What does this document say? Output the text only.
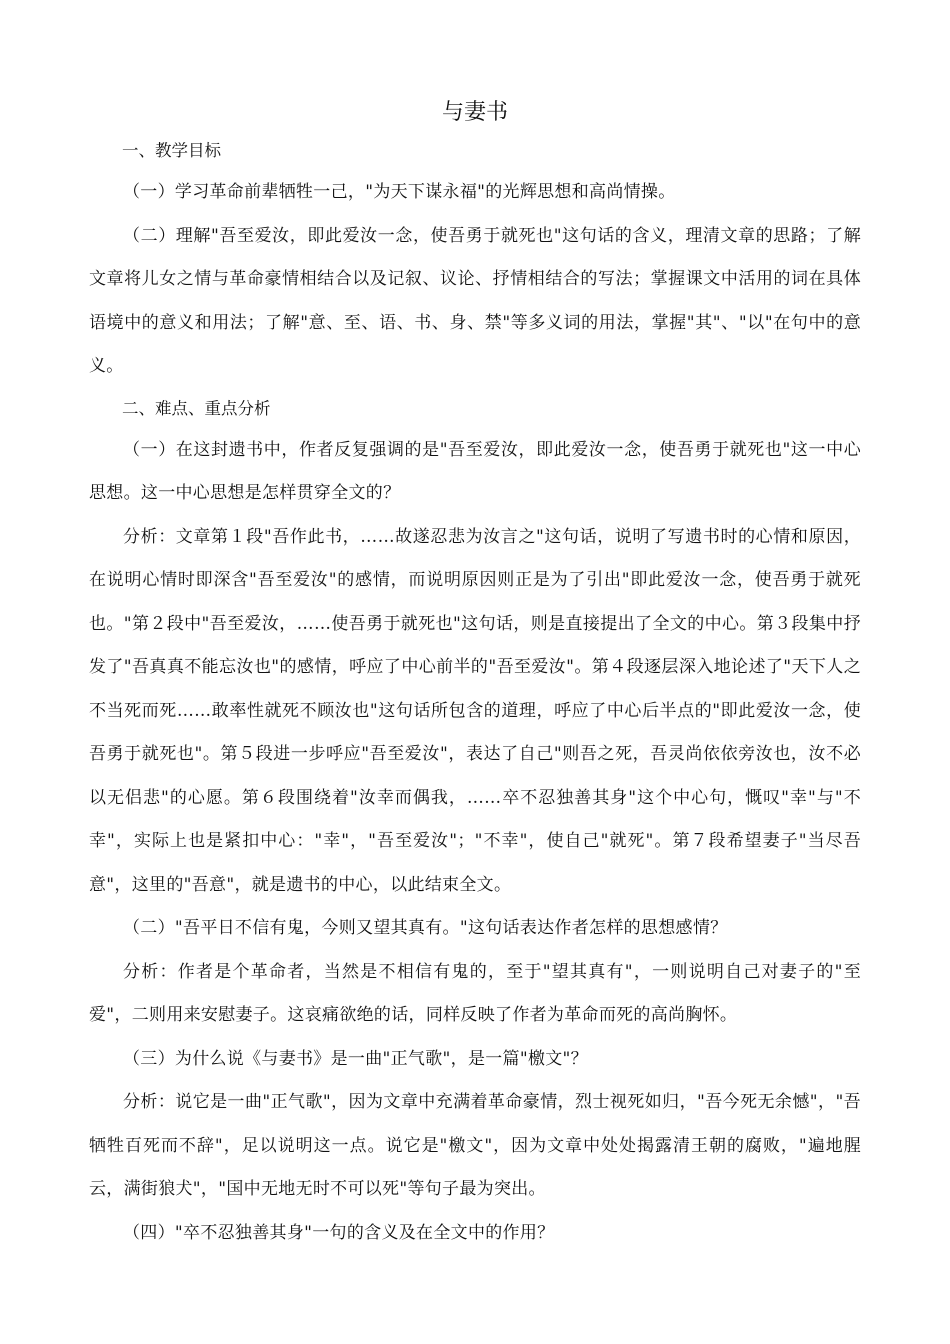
与妻书

一、教学目标

（一）学习革命前辈牺牲一己，"为天下谋永福"的光辉思想和高尚情操。

（二）理解"吾至爱汝，即此爱汝一念，使吾勇于就死也"这句话的含义，理清文章的思路；了解文章将儿女之情与革命豪情相结合以及记叙、议论、抒情相结合的写法；掌握课文中活用的词在具体语境中的意义和用法；了解"意、至、语、书、身、禁"等多义词的用法，掌握"其"、"以"在句中的意义。

二、难点、重点分析

（一）在这封遗书中，作者反复强调的是"吾至爱汝，即此爱汝一念，使吾勇于就死也"这一中心思想。这一中心思想是怎样贯穿全文的？

分析：文章第１段"吾作此书，……故遂忍悲为汝言之"这句话，说明了写遗书时的心情和原因，在说明心情时即深含"吾至爱汝"的感情，而说明原因则正是为了引出"即此爱汝一念，使吾勇于就死也。"第２段中"吾至爱汝，……使吾勇于就死也"这句话，则是直接提出了全文的中心。第３段集中抒发了"吾真真不能忘汝也"的感情，呼应了中心前半的"吾至爱汝"。第４段逐层深入地论述了"天下人之不当死而死……敢率性就死不顾汝也"这句话所包含的道理，呼应了中心后半点的"即此爱汝一念，使吾勇于就死也"。第５段进一步呼应"吾至爱汝"，表达了自己"则吾之死，吾灵尚依依旁汝也，汝不必以无侣悲"的心愿。第６段围绕着"汝幸而偶我，……卒不忍独善其身"这个中心句，慨叹"幸"与"不幸"，实际上也是紧扣中心："幸"，"吾至爱汝"；"不幸"，使自己"就死"。第７段希望妻子"当尽吾意"，这里的"吾意"，就是遗书的中心，以此结束全文。

（二）"吾平日不信有鬼，今则又望其真有。"这句话表达作者怎样的思想感情？

分析：作者是个革命者，当然是不相信有鬼的，至于"望其真有"，一则说明自己对妻子的"至爱"，二则用来安慰妻子。这哀痛欲绝的话，同样反映了作者为革命而死的高尚胸怀。

（三）为什么说《与妻书》是一曲"正气歌"，是一篇"檄文"？

分析：说它是一曲"正气歌"，因为文章中充满着革命豪情，烈士视死如归，"吾今死无余憾"，"吾牺牲百死而不辞"，足以说明这一点。说它是"檄文"，因为文章中处处揭露清王朝的腐败，"遍地腥云，满街狼犬"，"国中无地无时不可以死"等句子最为突出。

（四）"卒不忍独善其身"一句的含义及在全文中的作用？
